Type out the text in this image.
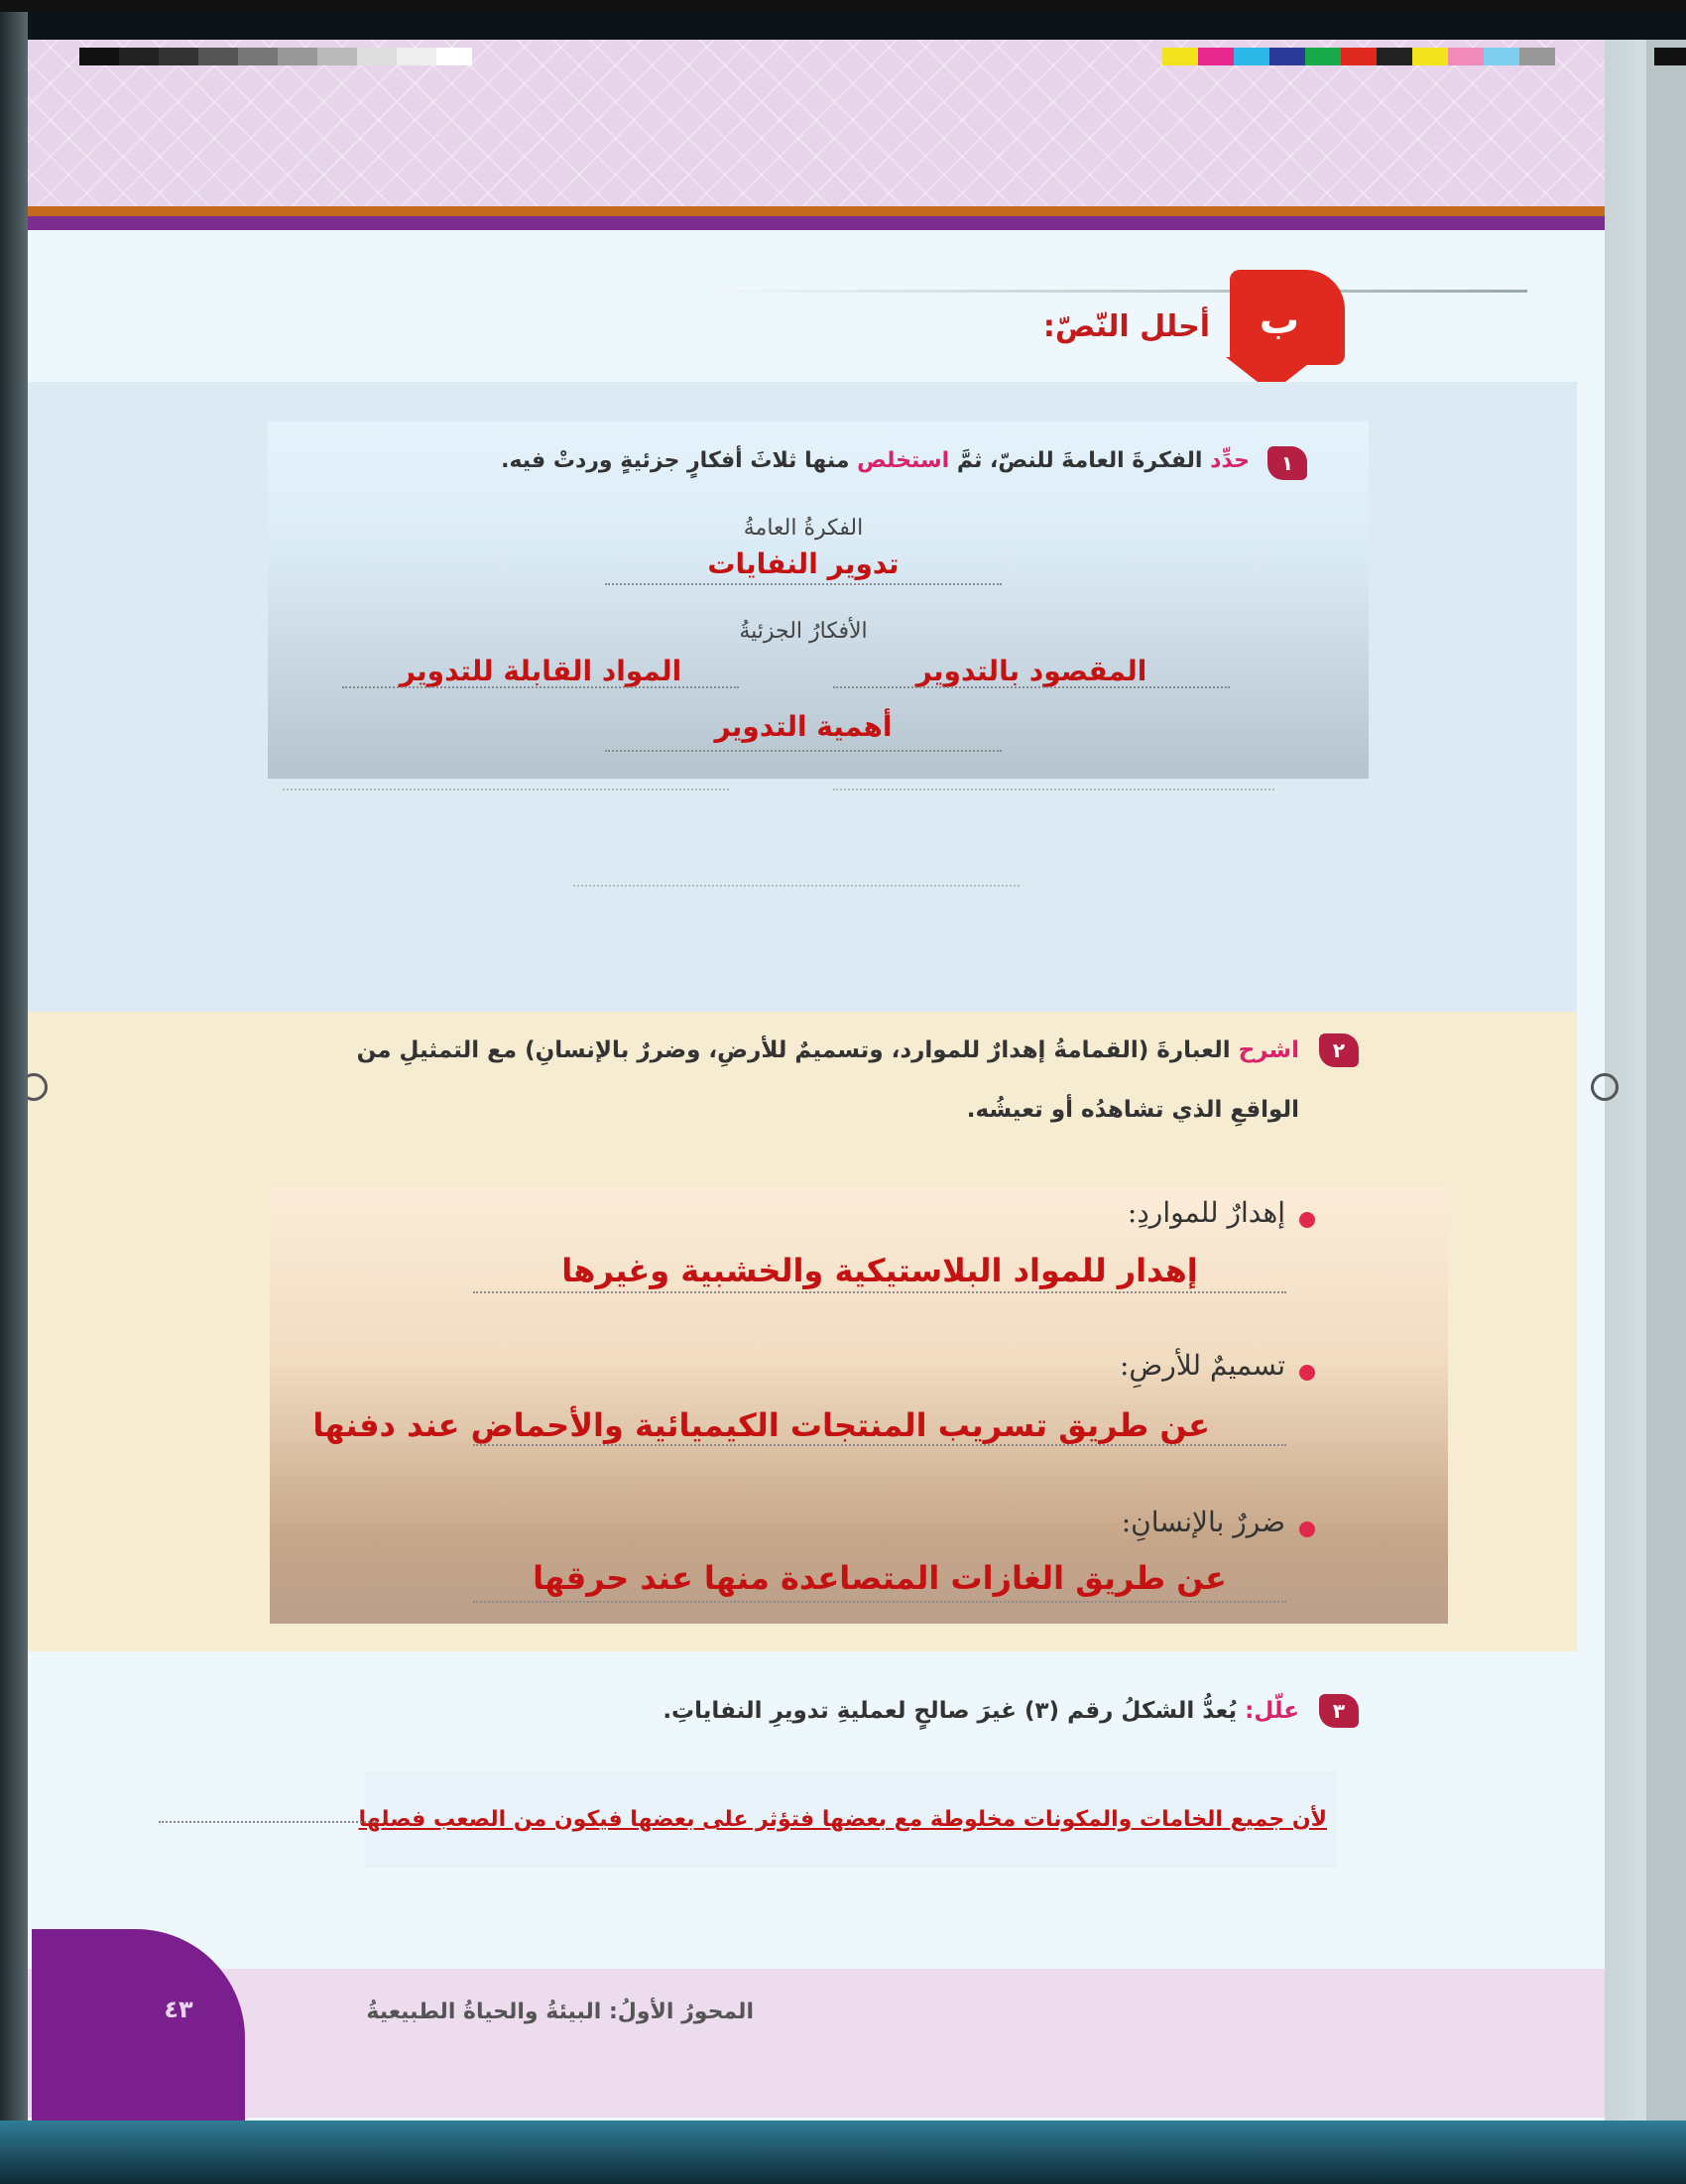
ب
أحلل النّصّ:
١
حدِّد الفكرةَ العامةَ للنصّ، ثمَّ استخلص منها ثلاثَ أفكارٍ جزئيةٍ وردتْ فيه.
الفكرةُ العامةُ
تدوير النفايات
الأفكارُ الجزئيةُ
المقصود بالتدوير
المواد القابلة للتدوير
أهمية التدوير
٢
اشرح العبارةَ (القمامةُ إهدارٌ للموارد، وتسميمٌ للأرضِ، وضررٌ بالإنسانِ) مع التمثيلِ من
الواقعِ الذي تشاهدُه أو تعيشُه.
إهدارٌ للمواردِ:
إهدار للمواد البلاستيكية والخشبية وغيرها
تسميمٌ للأرضِ:
عن طريق تسريب المنتجات الكيميائية والأحماض عند دفنها
ضررٌ بالإنسانِ:
عن طريق الغازات المتصاعدة منها عند حرقها
٣
علّل: يُعدُّ الشكلُ رقم (٣) غيرَ صالحٍ لعمليةِ تدويرِ النفاياتِ.
لأن جميع الخامات والمكونات مخلوطة مع بعضها فتؤثر على بعضها فيكون من الصعب فصلها
٤٣	المحورُ الأولُ: البيئةُ والحياةُ الطبيعيةُ
